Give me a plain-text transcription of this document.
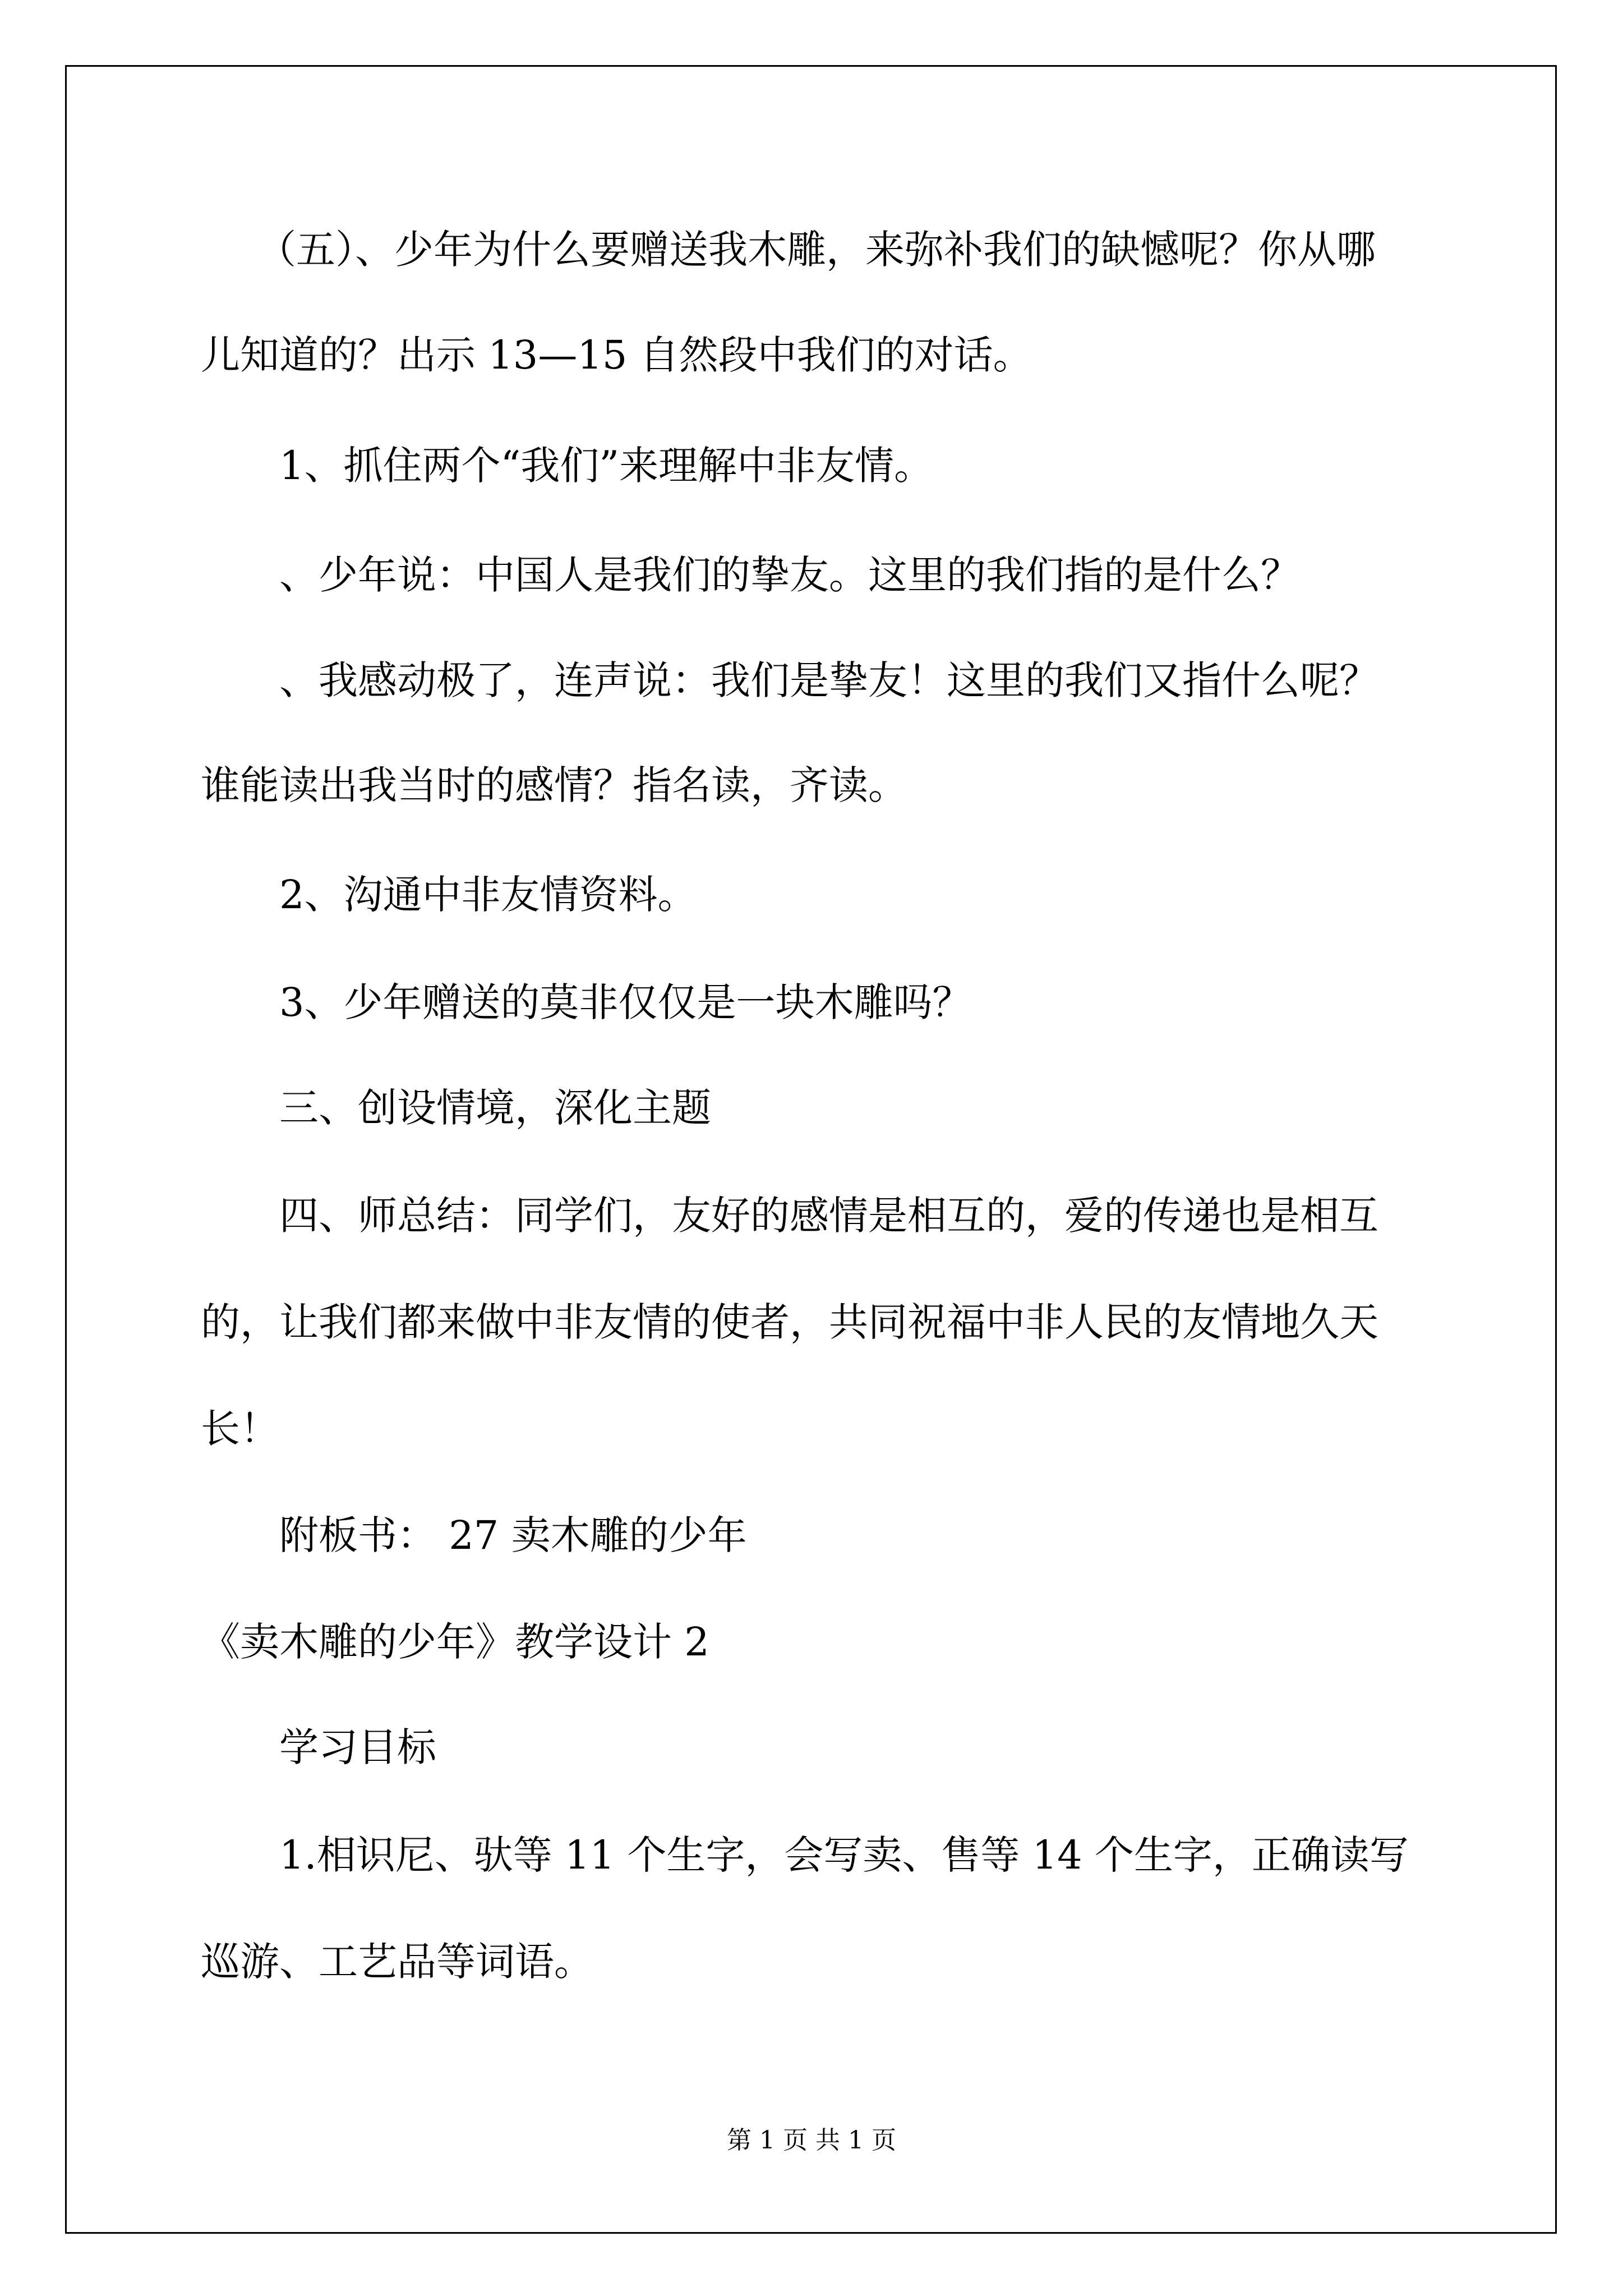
（五）、少年为什么要赠送我木雕，来弥补我们的缺憾呢？你从哪
儿知道的？出示 13—15 自然段中我们的对话。
1、抓住两个“我们”来理解中非友情。
、少年说：中国人是我们的挚友。这里的我们指的是什么？
、我感动极了，连声说：我们是挚友！这里的我们又指什么呢？
谁能读出我当时的感情？指名读，齐读。
2、沟通中非友情资料。
3、少年赠送的莫非仅仅是一块木雕吗？
三、创设情境，深化主题
四、师总结：同学们，友好的感情是相互的，爱的传递也是相互
的，让我们都来做中非友情的使者，共同祝福中非人民的友情地久天
长！
附板书： 27 卖木雕的少年
《卖木雕的少年》教学设计 2
学习目标
1.相识尼、驮等 11 个生字，会写卖、售等 14 个生字，正确读写
巡游、工艺品等词语。
第 1 页 共 1 页
